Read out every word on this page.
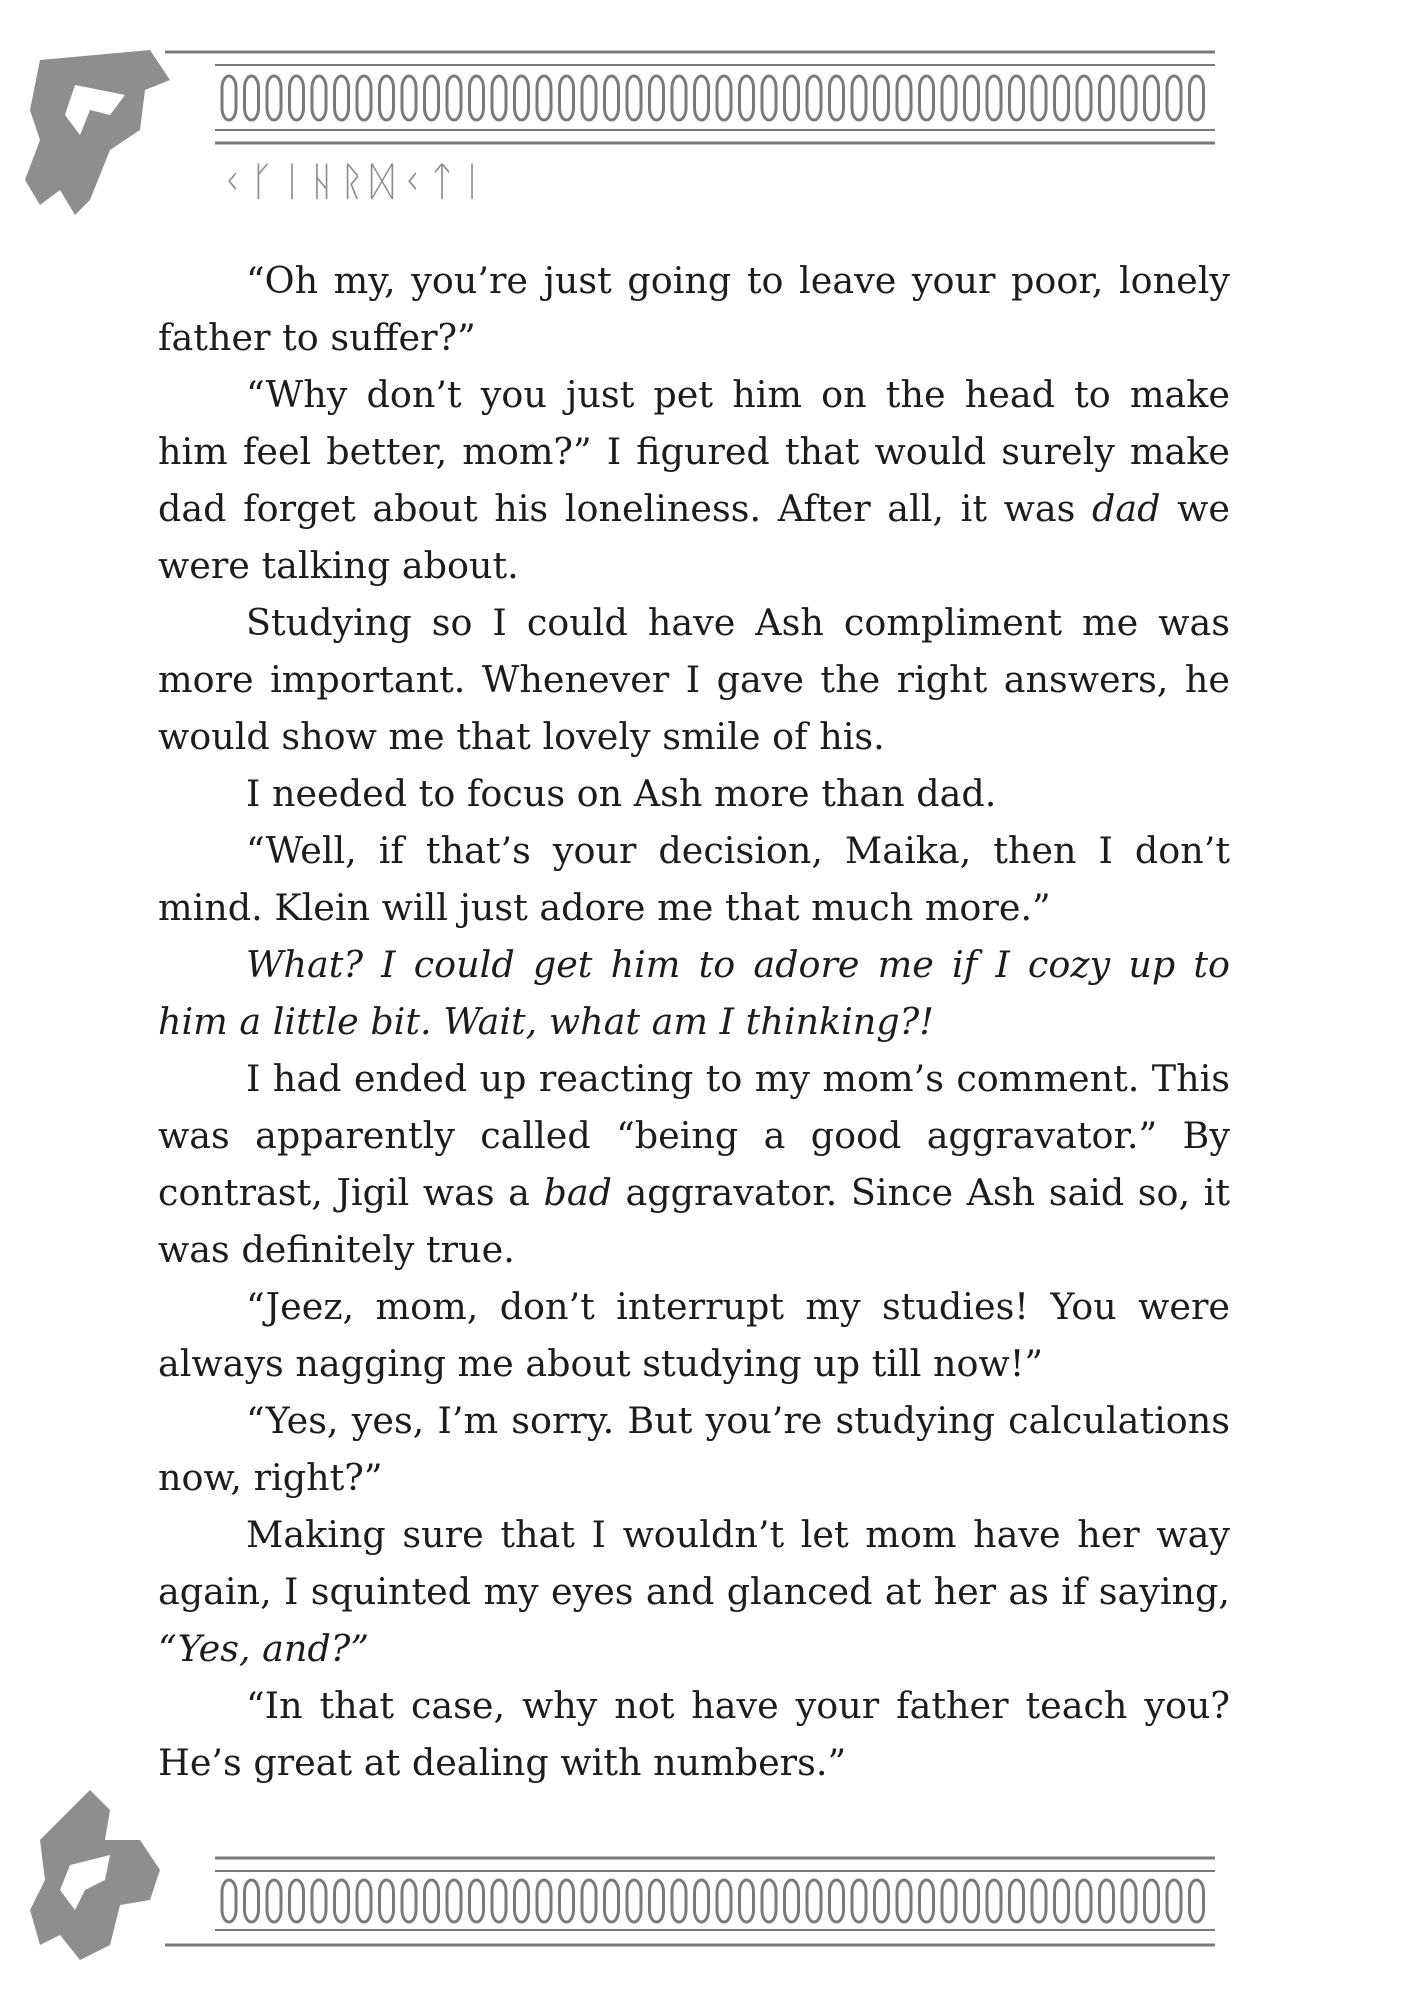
ᚲᚴᛁᚺᚱᛞᚲᛏᛁ

“Oh my, you’re just going to leave your poor, lonely father to suffer?”

“Why don’t you just pet him on the head to make him feel better, mom?” I figured that would surely make dad forget about his loneliness. After all, it was dad we were talking about.

Studying so I could have Ash compliment me was more important. Whenever I gave the right answers, he would show me that lovely smile of his.

I needed to focus on Ash more than dad.

“Well, if that’s your decision, Maika, then I don’t mind. Klein will just adore me that much more.”

What? I could get him to adore me if I cozy up to him a little bit. Wait, what am I thinking?!

I had ended up reacting to my mom’s comment. This was apparently called “being a good aggravator.” By contrast, Jigil was a bad aggravator. Since Ash said so, it was definitely true.

“Jeez, mom, don’t interrupt my studies! You were always nagging me about studying up till now!”

“Yes, yes, I’m sorry. But you’re studying calculations now, right?”

Making sure that I wouldn’t let mom have her way again, I squinted my eyes and glanced at her as if saying, “Yes, and?”

“In that case, why not have your father teach you? He’s great at dealing with numbers.”
